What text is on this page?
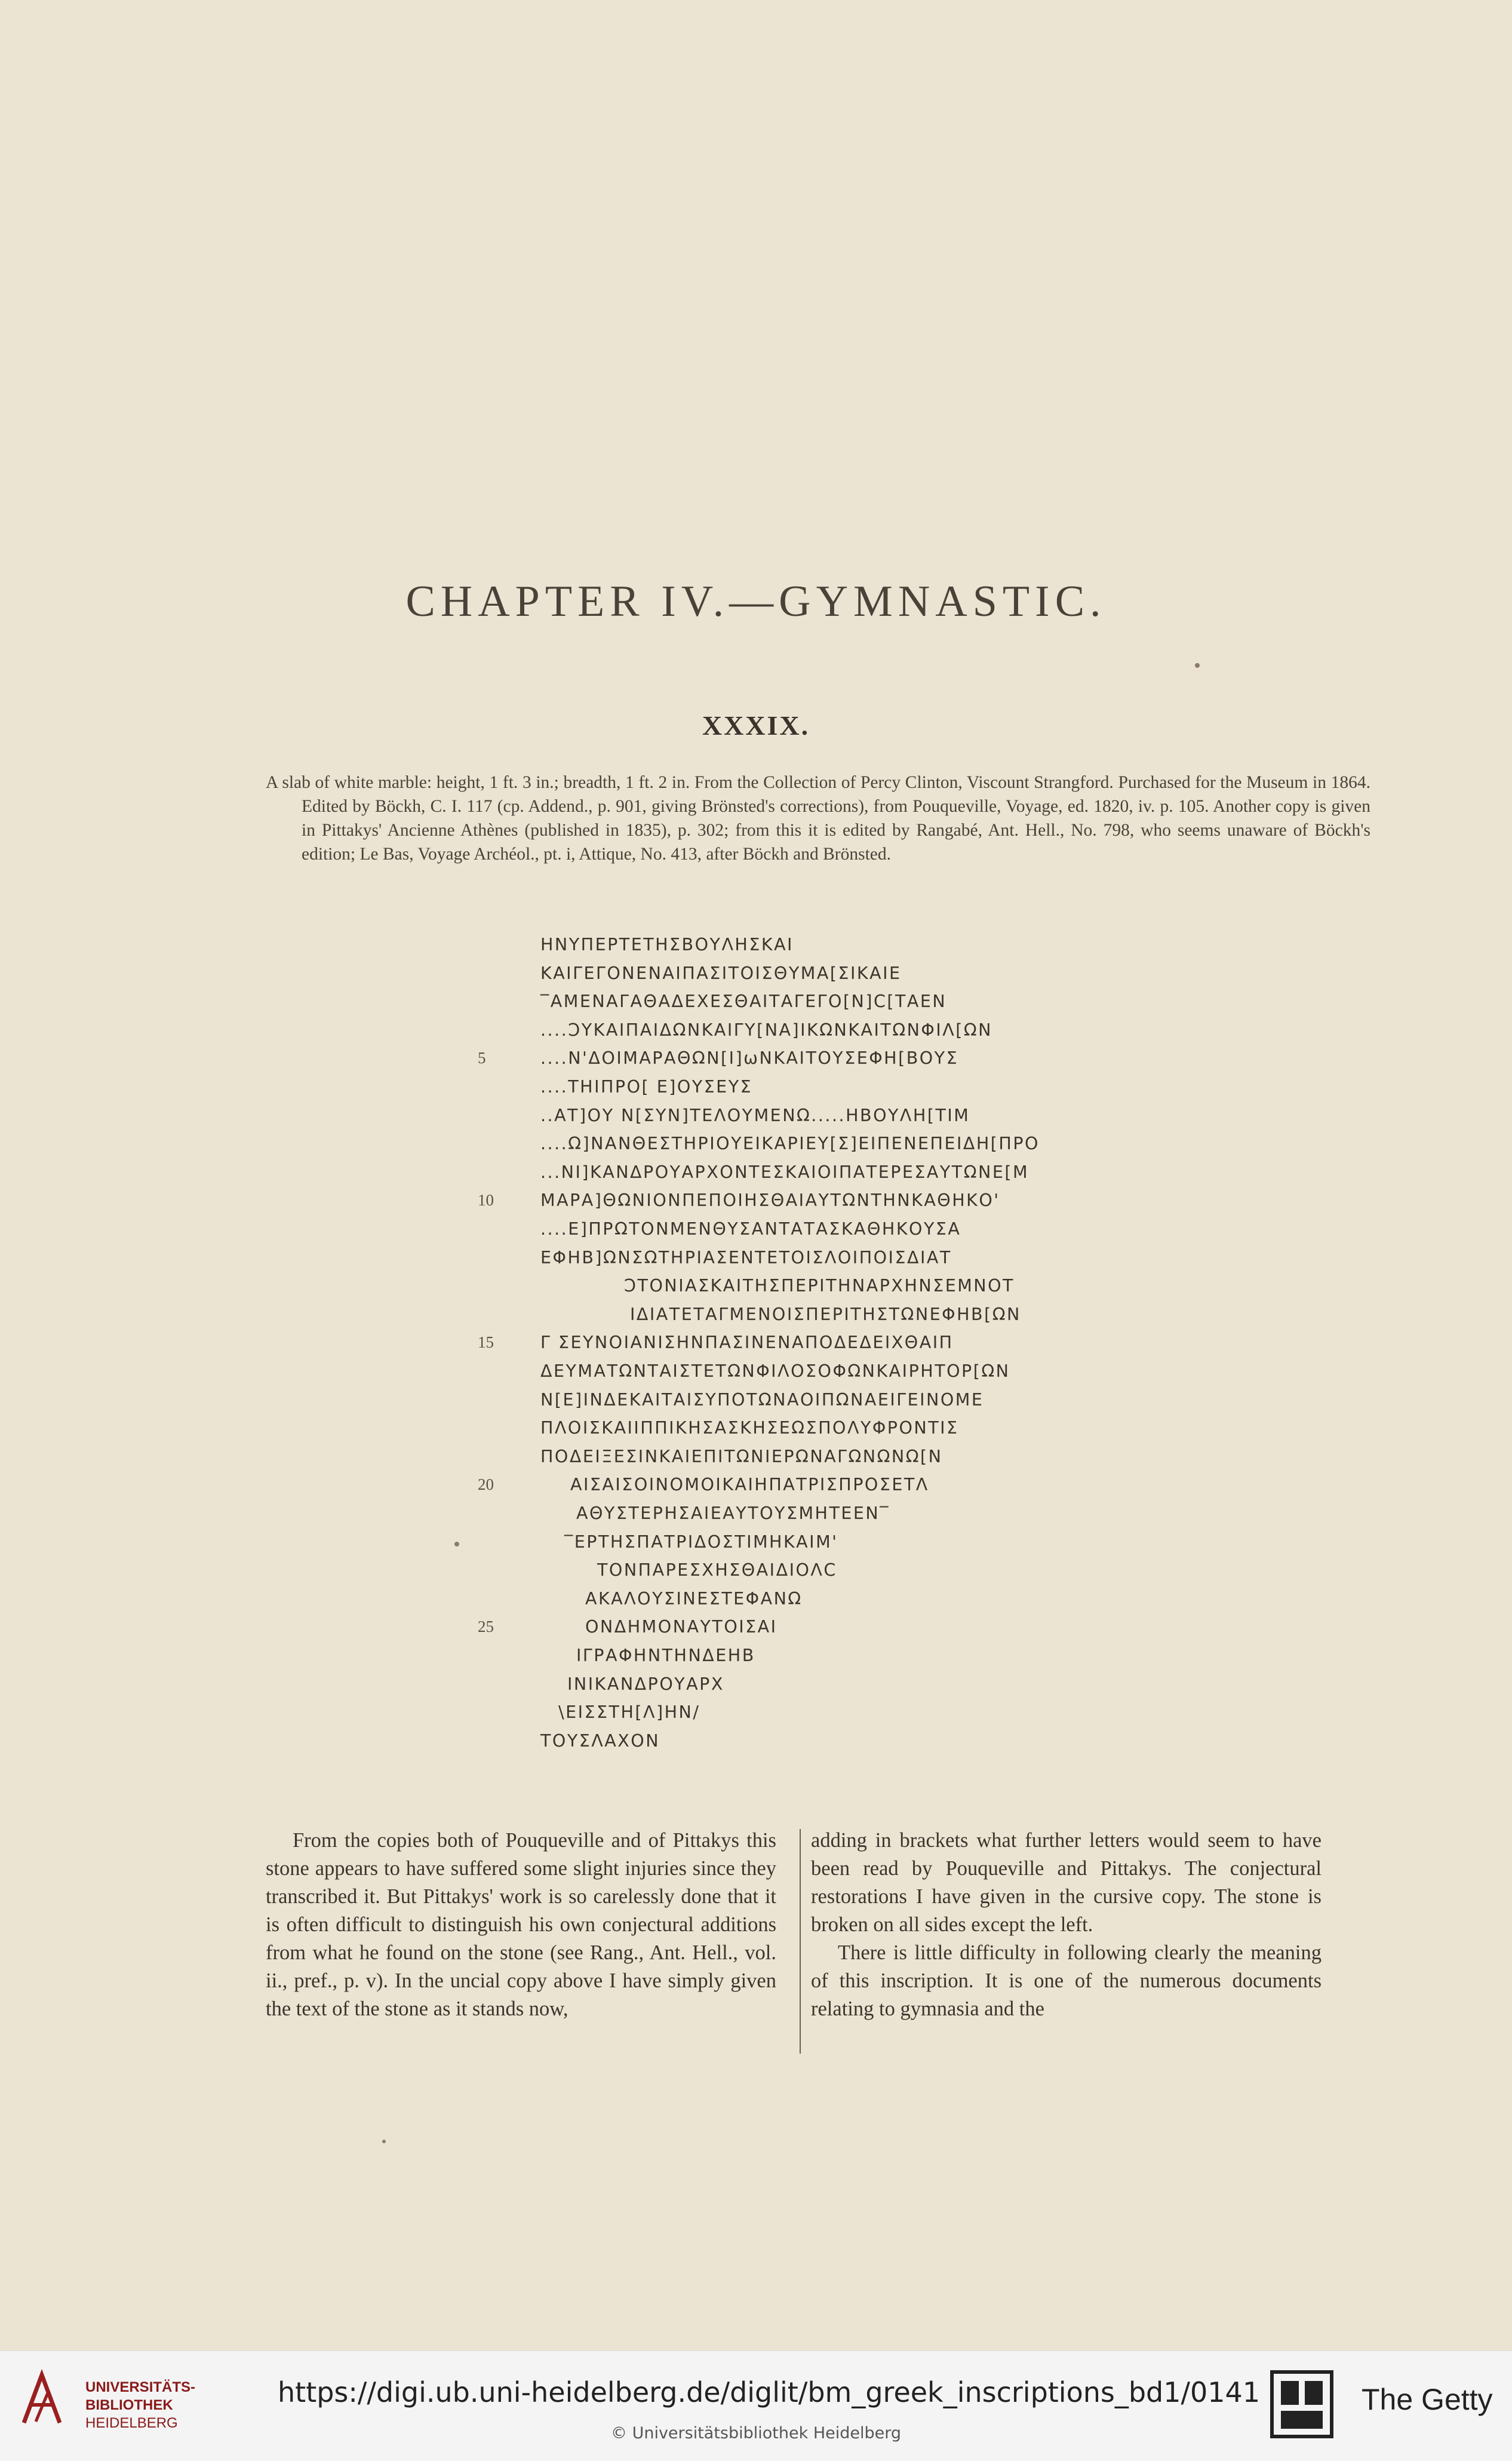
CHAPTER IV.—GYMNASTIC.
XXXIX.
A slab of white marble: height, 1 ft. 3 in.; breadth, 1 ft. 2 in. From the Collection of Percy Clinton, Viscount Strangford. Purchased for the Museum in 1864. Edited by Böckh, C. I. 117 (cp. Addend., p. 901, giving Brönsted's corrections), from Pouqueville, Voyage, ed. 1820, iv. p. 105. Another copy is given in Pittakys' Ancienne Athènes (published in 1835), p. 302; from this it is edited by Rangabé, Ant. Hell., No. 798, who seems unaware of Böckh's edition; Le Bas, Voyage Archéol., pt. i, Attique, No. 413, after Böckh and Brönsted.
ΗΝΥΠΕΡΤΕΤΗΣΒΟΥΛΗΣΚΑΙ
ΚΑΙΓΕΓΟΝΕΝΑΙΠΑΣΙΤΟΙΣΘΥΜΑ[ΣΙΚΑΙΕ
‾ΑΜΕΝΑΓΑΘΑΔΕΧΕΣΘΑΙΤΑΓΕΓΟ[Ν]Ϲ[ΤΑΕΝ
....ϽΥΚΑΙΠΑΙΔΩΝΚΑΙΓΥ[ΝΑ]ΙΚΩΝΚΑΙΤΩΝΦΙΛ[ΩΝ
5	....Ν'ΔΟΙΜΑΡΑΘΩΝ[Ι]ωΝΚΑΙΤΟΥΣΕΦΗ[ΒΟΥΣ
....ΤΗΙΠΡΟ[ Ε]ΟΥΣΕΥΣ
..ΑΤ]ΟΥ Ν[ΣΥΝ]ΤΕΛΟΥΜΕΝΩ.....ΗΒΟΥΛΗ[ΤΙΜ
....Ω]ΝΑΝΘΕΣΤΗΡΙΟΥΕΙΚΑΡΙΕΥ[Σ]ΕΙΠΕΝΕΠΕΙΔΗ[ΠΡΟ
...ΝΙ]ΚΑΝΔΡΟΥΑΡΧΟΝΤΕΣΚΑΙΟΙΠΑΤΕΡΕΣΑΥΤΩΝΕ[Μ
10	ΜΑΡΑ]ΘΩΝΙΟΝΠΕΠΟΙΗΣΘΑΙΑΥΤΩΝΤΗΝΚΑΘΗΚΟ'
....Ε]ΠΡΩΤΟΝΜΕΝΘΥΣΑΝΤΑΤΑΣΚΑΘΗΚΟΥΣΑ
ΕΦΗΒ]ΩΝΣΩΤΗΡΙΑΣΕΝΤΕΤΟΙΣΛΟΙΠΟΙΣΔΙΑΤ
ϽΤΟΝΙΑΣΚΑΙΤΗΣΠΕΡΙΤΗΝΑΡΧΗΝΣΕΜΝΟΤ
ΙΔΙΑΤΕΤΑΓΜΕΝΟΙΣΠΕΡΙΤΗΣΤΩΝΕΦΗΒ[ΩΝ
15	Γ ΣΕΥΝΟΙΑΝΙΣΗΝΠΑΣΙΝΕΝΑΠΟΔΕΔΕΙΧΘΑΙΠ
ΔΕΥΜΑΤΩΝΤΑΙΣΤΕΤΩΝΦΙΛΟΣΟΦΩΝΚΑΙΡΗΤΟΡ[ΩΝ
Ν[Ε]ΙΝΔΕΚΑΙΤΑΙΣΥΠΟΤΩΝΑΟΙΠΩΝΑΕΙΓΕΙΝΟΜΕ
ΠΛΟΙΣΚΑΙΙΠΠΙΚΗΣΑΣΚΗΣΕΩΣΠΟΛΥΦΡΟΝΤΙΣ
ΠΟΔΕΙΞΕΣΙΝΚΑΙΕΠΙΤΩΝΙΕΡΩΝΑΓΩΝΩΝΩ[Ν
20	ΑΙΣΑΙΣΟΙΝΟΜΟΙΚΑΙΗΠΑΤΡΙΣΠΡΟΣΕΤΛ
ΑΘΥΣΤΕΡΗΣΑΙΕΑΥΤΟΥΣΜΗΤΕΕΝ‾
‾ΕΡΤΗΣΠΑΤΡΙΔΟΣΤΙΜΗΚΑΙΜ'
ΤΟΝΠΑΡΕΣΧΗΣΘΑΙΔΙΟΛϹ
ΑΚΑΛΟΥΣΙΝΕΣΤΕΦΑΝΩ
25	ΟΝΔΗΜΟΝΑΥΤΟΙΣΑΙ
ΙΓΡΑΦΗΝΤΗΝΔΕΗΒ
ΙΝΙΚΑΝΔΡΟΥΑΡΧ
\ΕΙΣΣΤΗ[Λ]ΗΝ/
ΤΟΥΣΛΑΧΟΝ

From the copies both of Pouqueville and of Pittakys this stone appears to have suffered some slight injuries since they transcribed it. But Pittakys' work is so carelessly done that it is often difficult to distinguish his own conjectural additions from what he found on the stone (see Rang., Ant. Hell., vol. ii., pref., p. v). In the uncial copy above I have simply given the text of the stone as it stands now,

adding in brackets what further letters would seem to have been read by Pouqueville and Pittakys. The conjectural restorations I have given in the cursive copy. The stone is broken on all sides except the left.

There is little difficulty in following clearly the meaning of this inscription. It is one of the numerous documents relating to gymnasia and the

UNIVERSITÄTS-
BIBLIOTHEK
HEIDELBERG
https://digi.ub.uni-heidelberg.de/diglit/bm_greek_inscriptions_bd1/0141
© Universitätsbibliothek Heidelberg
The Getty
